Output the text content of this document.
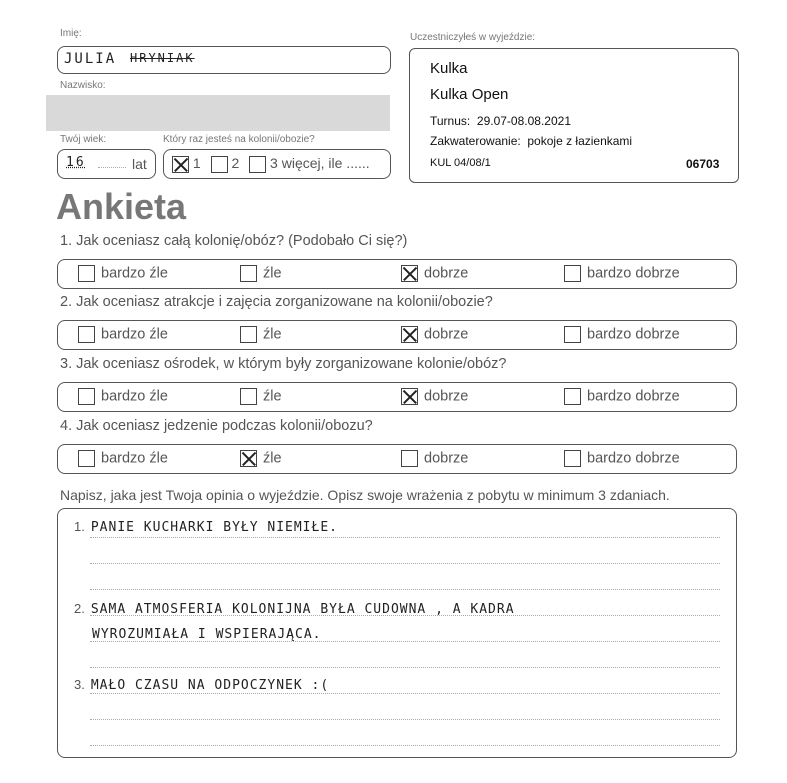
Imię:
JULIA HRYNIAK
Nazwisko:
Twój wiek:	Który raz jesteś na kolonii/obozie?
16	lat	1 2 3 więcej, ile ......
Uczestniczyłeś w wyjeździe:
Kulka
Kulka Open
Turnus:  29.07-08.08.2021
Zakwaterowanie:  pokoje z łazienkami
KUL 04/08/1	06703
Ankieta
1. Jak oceniasz całą kolonię/obóz? (Podobało Ci się?)
bardzo źle	źle	dobrze	bardzo dobrze
2. Jak oceniasz atrakcje i zajęcia zorganizowane na kolonii/obozie?
bardzo źle	źle	dobrze	bardzo dobrze
3. Jak oceniasz ośrodek, w którym były zorganizowane kolonie/obóz?
bardzo źle	źle	dobrze	bardzo dobrze
4. Jak oceniasz jedzenie podczas kolonii/obozu?
bardzo źle	źle	dobrze	bardzo dobrze
Napisz, jaka jest Twoja opinia o wyjeździe. Opisz swoje wrażenia z pobytu w minimum 3 zdaniach.
1. PANIE KUCHARKI BYŁY NIEMIŁE.
2. SAMA ATMOSFERIA KOLONIJNA BYŁA CUDOWNA , A KADRA
WYROZUMIAŁA I WSPIERAJĄCA.
3. MAŁO CZASU NA ODPOCZYNEK :(
